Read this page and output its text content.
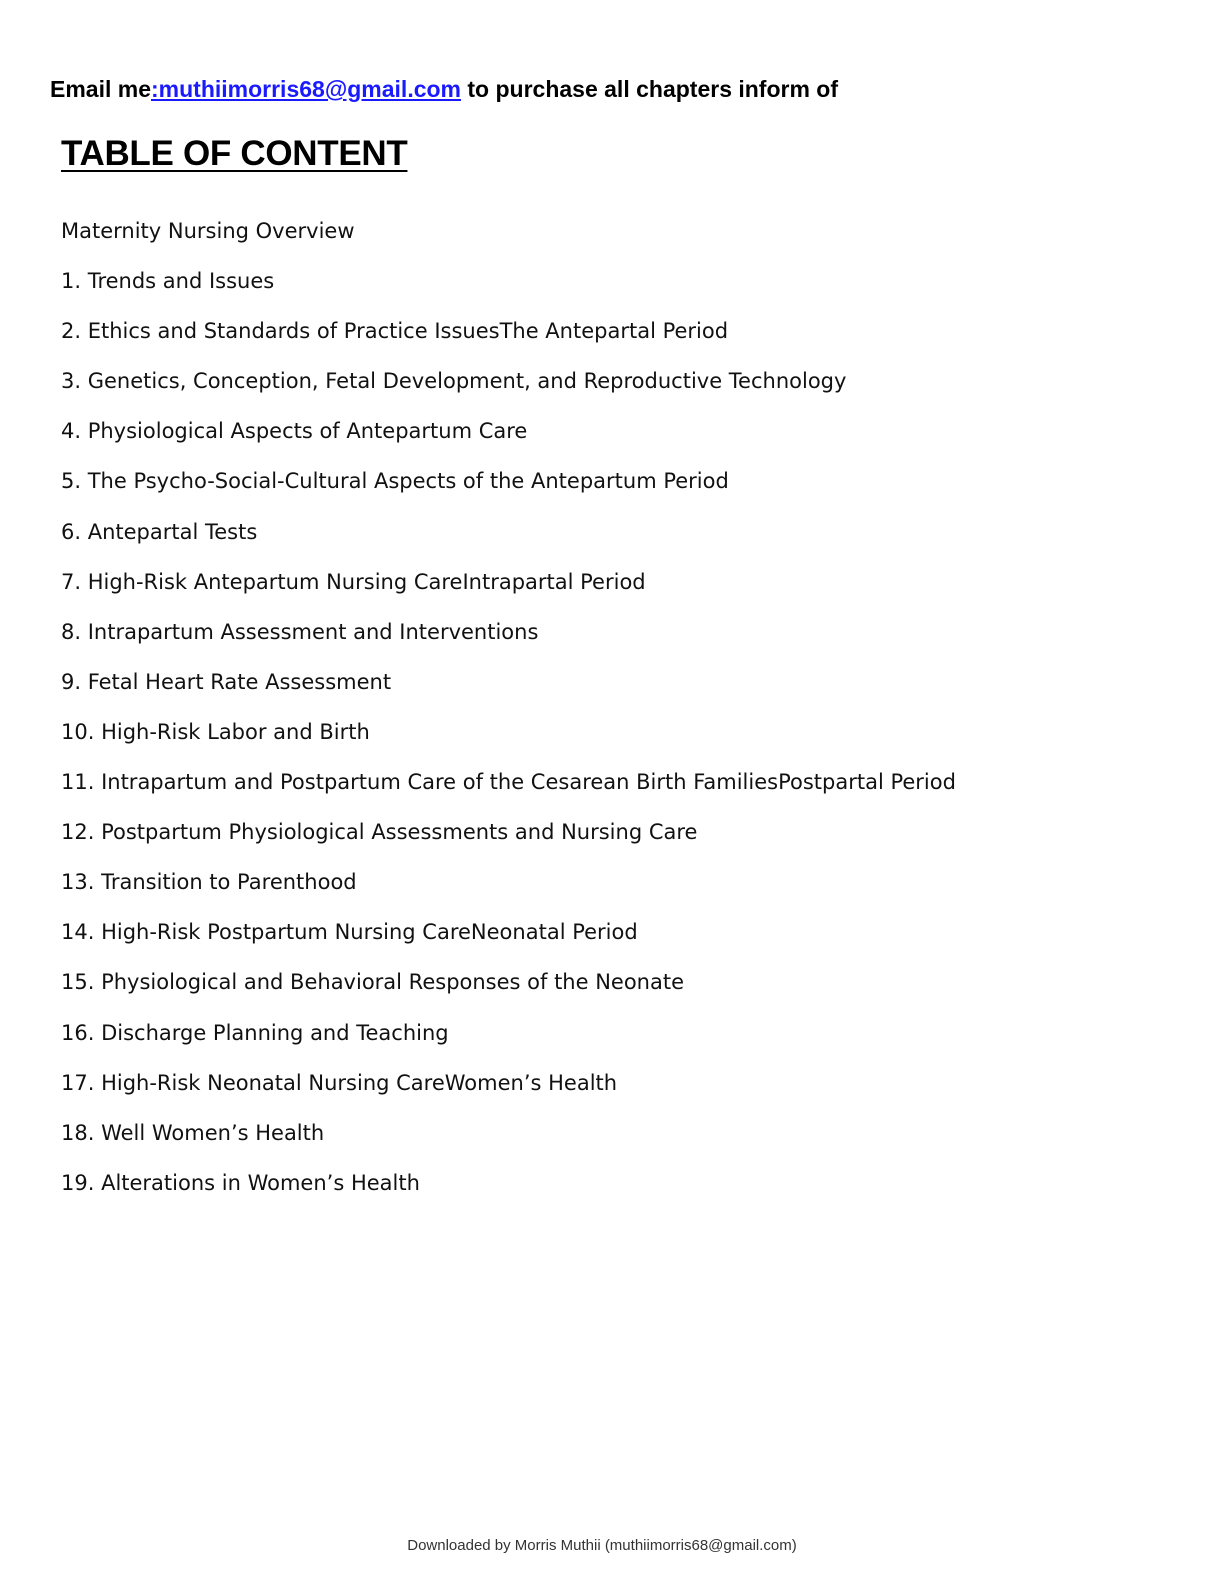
Email me:muthiimorris68@gmail.com to purchase all chapters inform of
TABLE OF CONTENT
Maternity Nursing Overview
1. Trends and Issues
2. Ethics and Standards of Practice IssuesThe Antepartal Period
3. Genetics, Conception, Fetal Development, and Reproductive Technology
4. Physiological Aspects of Antepartum Care
5. The Psycho-Social-Cultural Aspects of the Antepartum Period
6. Antepartal Tests
7. High-Risk Antepartum Nursing CareIntrapartal Period
8. Intrapartum Assessment and Interventions
9. Fetal Heart Rate Assessment
10. High-Risk Labor and Birth
11. Intrapartum and Postpartum Care of the Cesarean Birth FamiliesPostpartal Period
12. Postpartum Physiological Assessments and Nursing Care
13. Transition to Parenthood
14. High-Risk Postpartum Nursing CareNeonatal Period
15. Physiological and Behavioral Responses of the Neonate
16. Discharge Planning and Teaching
17. High-Risk Neonatal Nursing CareWomen’s Health
18. Well Women’s Health
19. Alterations in Women’s Health
Downloaded by Morris Muthii (muthiimorris68@gmail.com)
